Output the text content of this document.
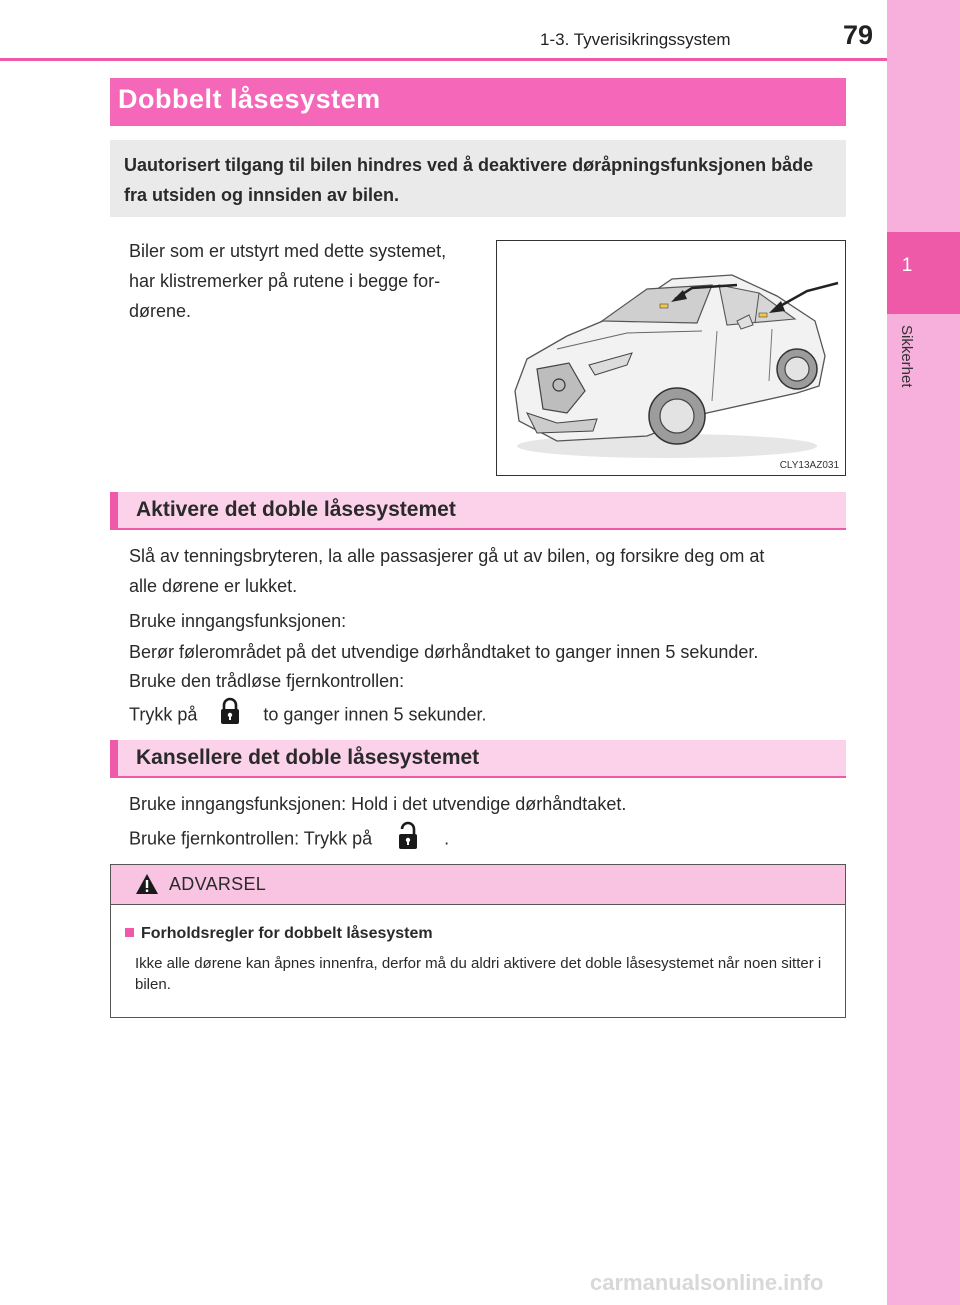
1
Sikkerhet
1-3. Tyverisikringssystem	79
Dobbelt låsesystem
Uautorisert tilgang til bilen hindres ved å deaktivere døråpningsfunksjonen både fra utsiden og innsiden av bilen.
Biler som er utstyrt med dette systemet,
har klistremerker på rutene i begge for-
dørene.
CLY13AZ031
Aktivere det doble låsesystemet
Slå av tenningsbryteren, la alle passasjerer gå ut av bilen, og forsikre deg om at
alle dørene er lukket.
Bruke inngangsfunksjonen:
Berør følerområdet på det utvendige dørhåndtaket to ganger innen 5 sekunder.
Bruke den trådløse fjernkontrollen:
Trykk på	to ganger innen 5 sekunder.
Kansellere det doble låsesystemet
Bruke inngangsfunksjonen: Hold i det utvendige dørhåndtaket.
Bruke fjernkontrollen: Trykk på	.
ADVARSEL
Forholdsregler for dobbelt låsesystem
Ikke alle dørene kan åpnes innenfra, derfor må du aldri aktivere det doble låsesystemet når noen sitter i bilen.
carmanualsonline.info
